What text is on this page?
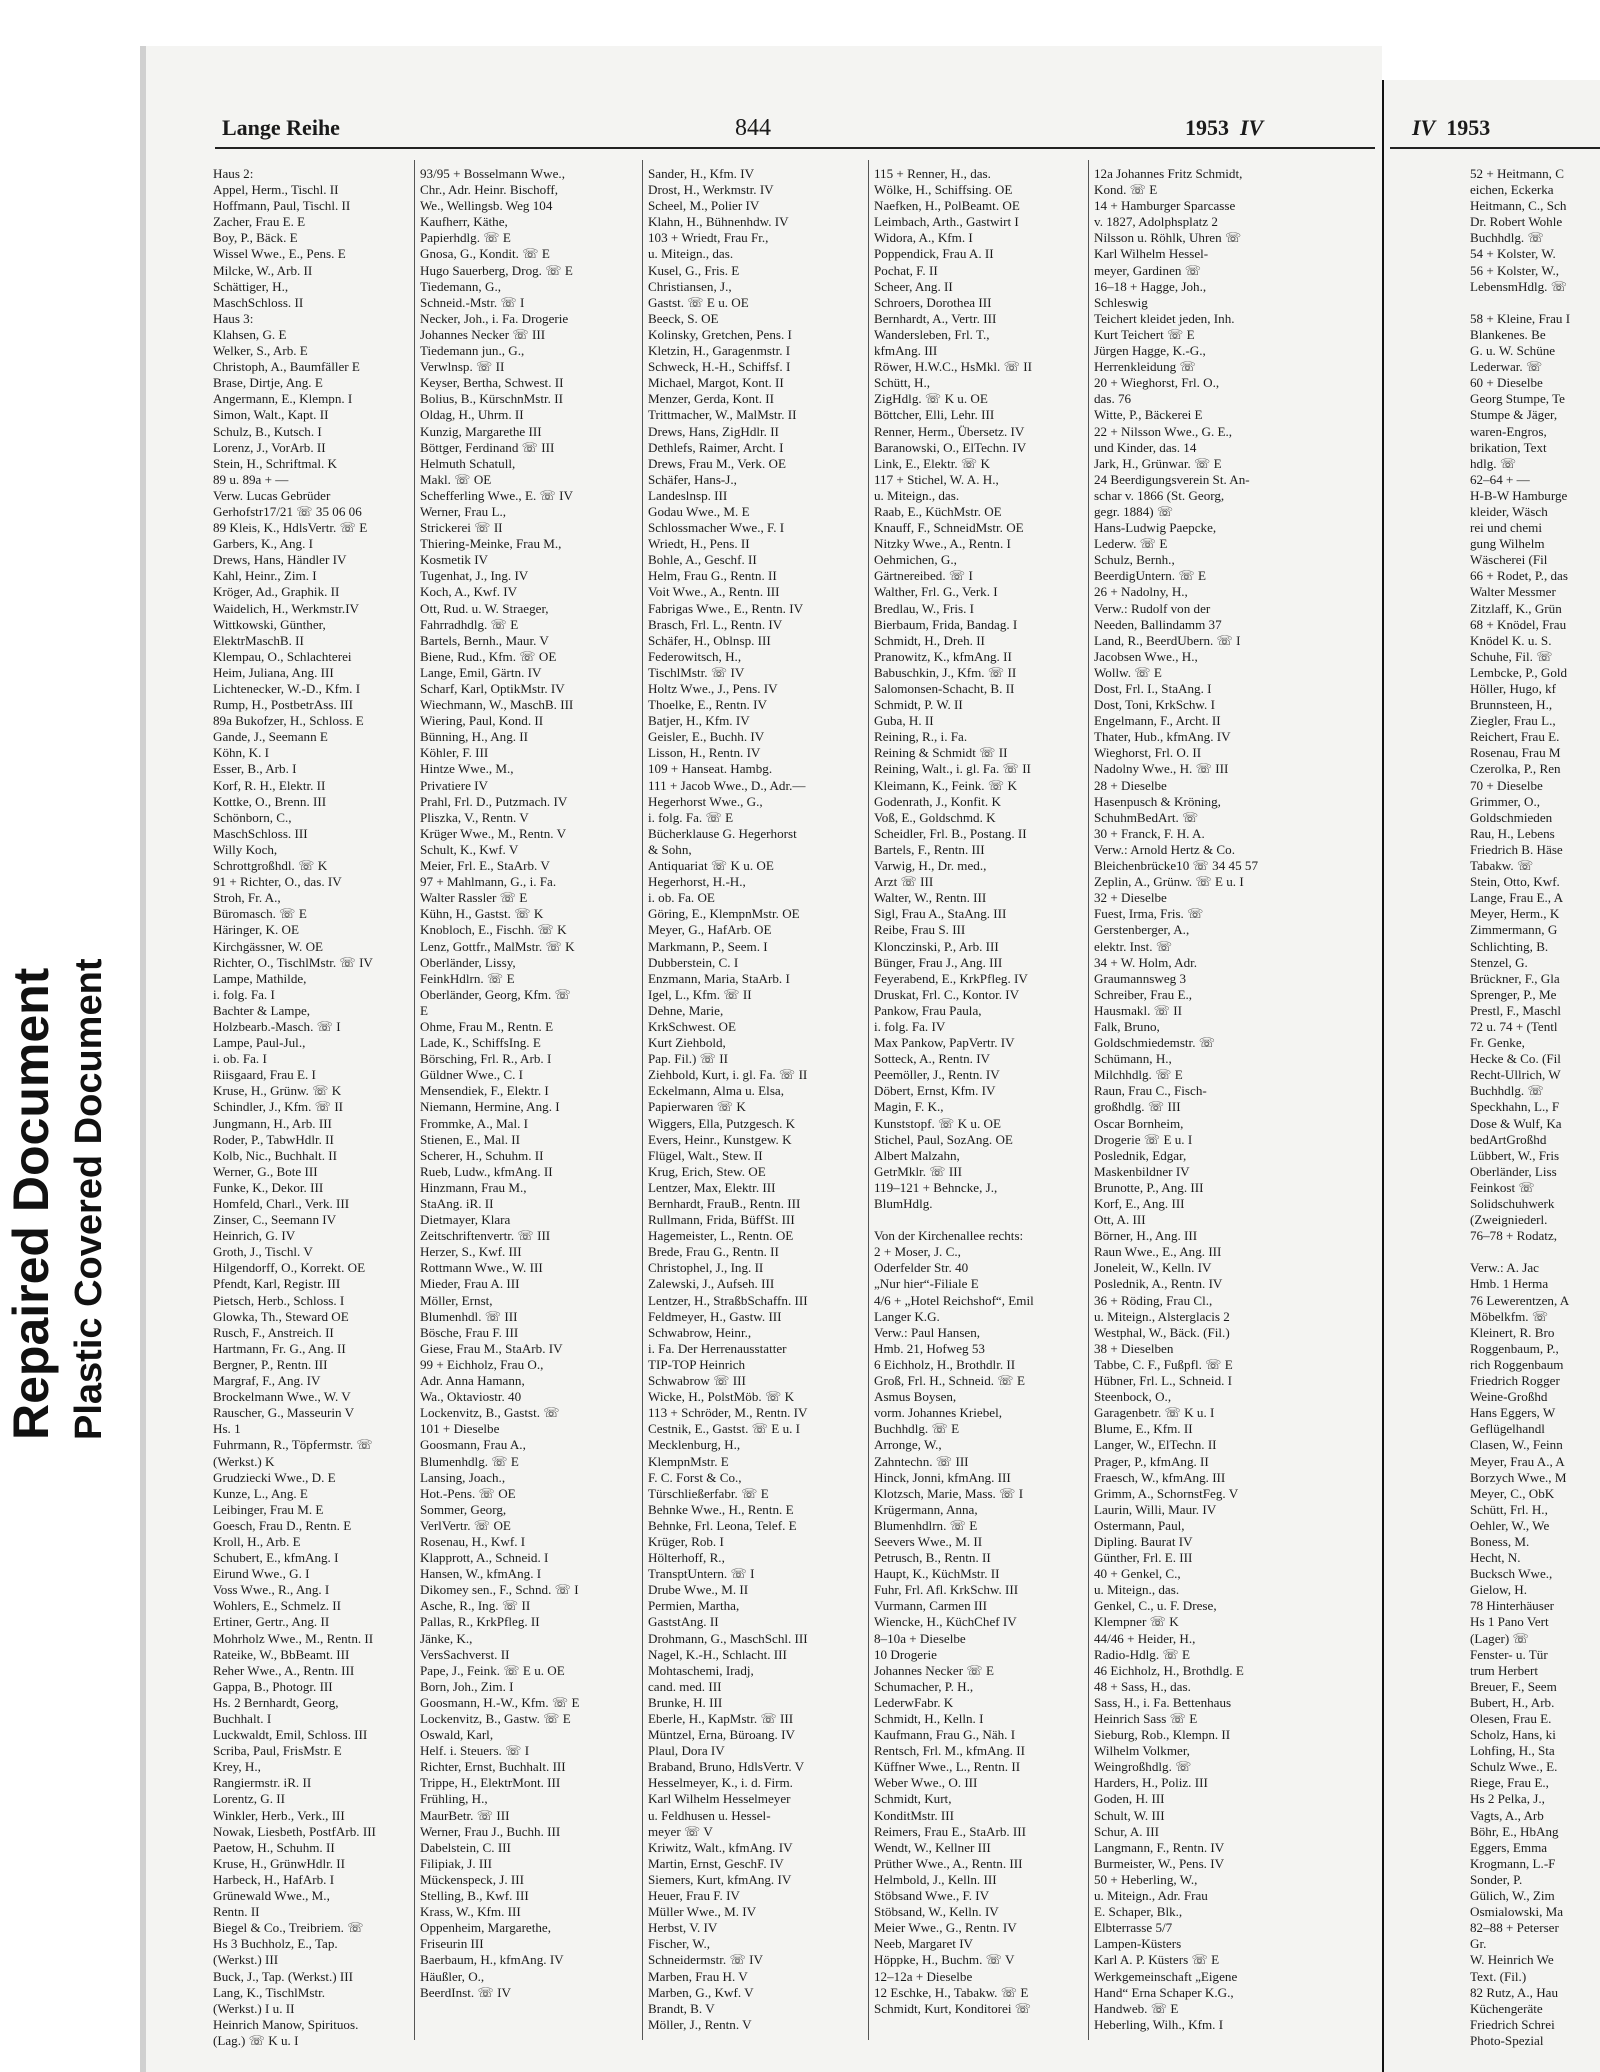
Repaired Document Plastic Covered Document
Lange Reihe	844	1953 IV	IV 1953
Haus 2:
Appel, Herm., Tischl. II
Hoffmann, Paul, Tischl. II
Zacher, Frau E. E
Boy, P., Bäck. E
Wissel Wwe., E., Pens. E
Milcke, W., Arb. II
Schättiger, H.,
MaschSchloss. II
Haus 3:
Klahsen, G. E
Welker, S., Arb. E
Christoph, A., Baumfäller E
Brase, Dirtje, Ang. E
Angermann, E., Klempn. I
Simon, Walt., Kapt. II
Schulz, B., Kutsch. I
Lorenz, J., VorArb. II
Stein, H., Schriftmal. K
89 u. 89a + —
Verw. Lucas Gebrüder
Gerhofstr17/21 ☏ 35 06 06
89 Kleis, K., HdlsVertr. ☏ E
Garbers, K., Ang. I
Drews, Hans, Händler IV
Kahl, Heinr., Zim. I
Kröger, Ad., Graphik. II
Waidelich, H., Werkmstr.IV
Wittkowski, Günther,
ElektrMaschB. II
Klempau, O., Schlachterei
Heim, Juliana, Ang. III
Lichtenecker, W.-D., Kfm. I
Rump, H., PostbetrAss. III
89a Bukofzer, H., Schloss. E
Gande, J., Seemann E
Köhn, K. I
Esser, B., Arb. I
Korf, R. H., Elektr. II
Kottke, O., Brenn. III
Schönborn, C.,
MaschSchloss. III
Willy Koch,
Schrottgroßhdl. ☏ K
91 + Richter, O., das. IV
Stroh, Fr. A.,
Büromasch. ☏ E
Häringer, K. OE
Kirchgässner, W. OE
Richter, O., TischlMstr. ☏ IV
Lampe, Mathilde,
i. folg. Fa. I
Bachter & Lampe,
Holzbearb.-Masch. ☏ I
Lampe, Paul-Jul.,
i. ob. Fa. I
Riisgaard, Frau E. I
Kruse, H., Grünw. ☏ K
Schindler, J., Kfm. ☏ II
Jungmann, H., Arb. III
Roder, P., TabwHdlr. II
Kolb, Nic., Buchhalt. II
Werner, G., Bote III
Funke, K., Dekor. III
Homfeld, Charl., Verk. III
Zinser, C., Seemann IV
Heinrich, G. IV
Groth, J., Tischl. V
Hilgendorff, O., Korrekt. OE
Pfendt, Karl, Registr. III
Pietsch, Herb., Schloss. I
Glowka, Th., Steward OE
Rusch, F., Anstreich. II
Hartmann, Fr. G., Ang. II
Bergner, P., Rentn. III
Margraf, F., Ang. IV
Brockelmann Wwe., W. V
Rauscher, G., Masseurin V
Hs. 1
Fuhrmann, R., Töpfermstr. ☏
(Werkst.) K
Grudziecki Wwe., D. E
Kunze, L., Ang. E
Leibinger, Frau M. E
Goesch, Frau D., Rentn. E
Kroll, H., Arb. E
Schubert, E., kfmAng. I
Eirund Wwe., G. I
Voss Wwe., R., Ang. I
Wohlers, E., Schmelz. II
Ertiner, Gertr., Ang. II
Mohrholz Wwe., M., Rentn. II
Rateike, W., BbBeamt. III
Reher Wwe., A., Rentn. III
Gappa, B., Photogr. III
Hs. 2 Bernhardt, Georg,
Buchhalt. I
Luckwaldt, Emil, Schloss. III
Scriba, Paul, FrisMstr. E
Krey, H.,
Rangiermstr. iR. II
Lorentz, G. II
Winkler, Herb., Verk., III
Nowak, Liesbeth, PostfArb. III
Paetow, H., Schuhm. II
Kruse, H., GrünwHdlr. II
Harbeck, H., HafArb. I
Grünewald Wwe., M.,
Rentn. II
Biegel & Co., Treibriem. ☏
Hs 3 Buchholz, E., Tap.
(Werkst.) III
Buck, J., Tap. (Werkst.) III
Lang, K., TischlMstr.
(Werkst.) I u. II
Heinrich Manow, Spirituos.
(Lag.) ☏ K u. I
93/95 + Bosselmann Wwe.,
Chr., Adr. Heinr. Bischoff,
We., Wellingsb. Weg 104
Kaufherr, Käthe,
Papierhdlg. ☏ E
Gnosa, G., Kondit. ☏ E
Hugo Sauerberg, Drog. ☏ E
Tiedemann, G.,
Schneid.-Mstr. ☏ I
Necker, Joh., i. Fa. Drogerie
Johannes Necker ☏ III
Tiedemann jun., G.,
Verwlnsp. ☏ II
Keyser, Bertha, Schwest. II
Bolius, B., KürschnMstr. II
Oldag, H., Uhrm. II
Kunzig, Margarethe III
Böttger, Ferdinand ☏ III
Helmuth Schatull,
Makl. ☏ OE
Schefferling Wwe., E. ☏ IV
Werner, Frau L.,
Strickerei ☏ II
Thiering-Meinke, Frau M.,
Kosmetik IV
Tugenhat, J., Ing. IV
Koch, A., Kwf. IV
Ott, Rud. u. W. Straeger,
Fahrradhdlg. ☏ E
Bartels, Bernh., Maur. V
Biene, Rud., Kfm. ☏ OE
Lange, Emil, Gärtn. IV
Scharf, Karl, OptikMstr. IV
Wiechmann, W., MaschB. III
Wiering, Paul, Kond. II
Bünning, H., Ang. II
Köhler, F. III
Hintze Wwe., M.,
Privatiere IV
Prahl, Frl. D., Putzmach. IV
Pliszka, V., Rentn. V
Krüger Wwe., M., Rentn. V
Schult, K., Kwf. V
Meier, Frl. E., StaArb. V
97 + Mahlmann, G., i. Fa.
Walter Rassler ☏ E
Kühn, H., Gastst. ☏ K
Knobloch, E., Fischh. ☏ K
Lenz, Gottfr., MalMstr. ☏ K
Oberländer, Lissy,
FeinkHdlrn. ☏ E
Oberländer, Georg, Kfm. ☏
E
Ohme, Frau M., Rentn. E
Lade, K., SchiffsIng. E
Börsching, Frl. R., Arb. I
Güldner Wwe., C. I
Mensendiek, F., Elektr. I
Niemann, Hermine, Ang. I
Frommke, A., Mal. I
Stienen, E., Mal. II
Scherer, H., Schuhm. II
Rueb, Ludw., kfmAng. II
Hinzmann, Frau M.,
StaAng. iR. II
Dietmayer, Klara
Zeitschriftenvertr. ☏ III
Herzer, S., Kwf. III
Rottmann Wwe., W. III
Mieder, Frau A. III
Möller, Ernst,
Blumenhdl. ☏ III
Bösche, Frau F. III
Giese, Frau M., StaArb. IV
99 + Eichholz, Frau O.,
Adr. Anna Hamann,
Wa., Oktaviostr. 40
Lockenvitz, B., Gastst. ☏
101 + Dieselbe
Goosmann, Frau A.,
Blumenhdlg. ☏ E
Lansing, Joach.,
Hot.-Pens. ☏ OE
Sommer, Georg,
VerlVertr. ☏ OE
Rosenau, H., Kwf. I
Klapprott, A., Schneid. I
Hansen, W., kfmAng. I
Dikomey sen., F., Schnd. ☏ I
Asche, R., Ing. ☏ II
Pallas, R., KrkPfleg. II
Jänke, K.,
VersSachverst. II
Pape, J., Feink. ☏ E u. OE
Born, Joh., Zim. I
Goosmann, H.-W., Kfm. ☏ E
Lockenvitz, B., Gastw. ☏ E
Oswald, Karl,
Helf. i. Steuers. ☏ I
Richter, Ernst, Buchhalt. III
Trippe, H., ElektrMont. III
Frühling, H.,
MaurBetr. ☏ III
Werner, Frau J., Buchh. III
Dabelstein, C. III
Filipiak, J. III
Mückenspeck, J. III
Stelling, B., Kwf. III
Krass, W., Kfm. III
Oppenheim, Margarethe,
Friseurin III
Baerbaum, H., kfmAng. IV
Häußler, O.,
BeerdInst. ☏ IV
Sander, H., Kfm. IV
Drost, H., Werkmstr. IV
Scheel, M., Polier IV
Klahn, H., Bühnenhdw. IV
103 + Wriedt, Frau Fr.,
u. Miteign., das.
Kusel, G., Fris. E
Christiansen, J.,
Gastst. ☏ E u. OE
Beeck, S. OE
Kolinsky, Gretchen, Pens. I
Kletzin, H., Garagenmstr. I
Schweck, H.-H., Schiffsf. I
Michael, Margot, Kont. II
Menzer, Gerda, Kont. II
Trittmacher, W., MalMstr. II
Drews, Hans, ZigHdlr. II
Dethlefs, Raimer, Archt. I
Drews, Frau M., Verk. OE
Schäfer, Hans-J.,
Landeslnsp. III
Godau Wwe., M. E
Schlossmacher Wwe., F. I
Wriedt, H., Pens. II
Bohle, A., Geschf. II
Helm, Frau G., Rentn. II
Voit Wwe., A., Rentn. III
Fabrigas Wwe., E., Rentn. IV
Brasch, Frl. L., Rentn. IV
Schäfer, H., Oblnsp. III
Federowitsch, H.,
TischlMstr. ☏ IV
Holtz Wwe., J., Pens. IV
Thoelke, E., Rentn. IV
Batjer, H., Kfm. IV
Geisler, E., Buchh. IV
Lisson, H., Rentn. IV
109 + Hanseat. Hambg.
111 + Jacob Wwe., D., Adr.—
Hegerhorst Wwe., G.,
i. folg. Fa. ☏ E
Bücherklause G. Hegerhorst
& Sohn,
Antiquariat ☏ K u. OE
Hegerhorst, H.-H.,
i. ob. Fa. OE
Göring, E., KlempnMstr. OE
Meyer, G., HafArb. OE
Markmann, P., Seem. I
Dubberstein, C. I
Enzmann, Maria, StaArb. I
Igel, L., Kfm. ☏ II
Dehne, Marie,
KrkSchwest. OE
Kurt Ziehbold,
Pap. Fil.) ☏ II
Ziehbold, Kurt, i. gl. Fa. ☏ II
Eckelmann, Alma u. Elsa,
Papierwaren ☏ K
Wiggers, Ella, Putzgesch. K
Evers, Heinr., Kunstgew. K
Flügel, Walt., Stew. II
Krug, Erich, Stew. OE
Lentzer, Max, Elektr. III
Bernhardt, FrauB., Rentn. III
Rullmann, Frida, BüffSt. III
Hagemeister, L., Rentn. OE
Brede, Frau G., Rentn. II
Christophel, J., Ing. II
Zalewski, J., Aufseh. III
Lentzer, H., StraßbSchaffn. III
Feldmeyer, H., Gastw. III
Schwabrow, Heinr.,
i. Fa. Der Herrenausstatter
TIP-TOP Heinrich
Schwabrow ☏ III
Wicke, H., PolstMöb. ☏ K
113 + Schröder, M., Rentn. IV
Cestnik, E., Gastst. ☏ E u. I
Mecklenburg, H.,
KlempnMstr. E
F. C. Forst & Co.,
Türschließerfabr. ☏ E
Behnke Wwe., H., Rentn. E
Behnke, Frl. Leona, Telef. E
Krüger, Rob. I
Hölterhoff, R.,
TransptUntern. ☏ I
Drube Wwe., M. II
Permien, Martha,
GaststAng. II
Drohmann, G., MaschSchl. III
Nagel, K.-H., Schlacht. III
Mohtaschemi, Iradj,
cand. med. III
Brunke, H. III
Eberle, H., KapMstr. ☏ III
Müntzel, Erna, Büroang. IV
Plaul, Dora IV
Braband, Bruno, HdlsVertr. V
Hesselmeyer, K., i. d. Firm.
Karl Wilhelm Hesselmeyer
u. Feldhusen u. Hessel-
meyer ☏ V
Kriwitz, Walt., kfmAng. IV
Martin, Ernst, GeschF. IV
Siemers, Kurt, kfmAng. IV
Heuer, Frau F. IV
Müller Wwe., M. IV
Herbst, V. IV
Fischer, W.,
Schneidermstr. ☏ IV
Marben, Frau H. V
Marben, G., Kwf. V
Brandt, B. V
Möller, J., Rentn. V
115 + Renner, H., das.
Wölke, H., Schiffsing. OE
Naefken, H., PolBeamt. OE
Leimbach, Arth., Gastwirt I
Widora, A., Kfm. I
Poppendick, Frau A. II
Pochat, F. II
Scheer, Ang. II
Schroers, Dorothea III
Bernhardt, A., Vertr. III
Wandersleben, Frl. T.,
kfmAng. III
Röwer, H.W.C., HsMkl. ☏ II
Schütt, H.,
ZigHdlg. ☏ K u. OE
Böttcher, Elli, Lehr. III
Renner, Herm., Übersetz. IV
Baranowski, O., ElTechn. IV
Link, E., Elektr. ☏ K
117 + Stichel, W. A. H.,
u. Miteign., das.
Raab, E., KüchMstr. OE
Knauff, F., SchneidMstr. OE
Nitzky Wwe., A., Rentn. I
Oehmichen, G.,
Gärtnereibed. ☏ I
Walther, Frl. G., Verk. I
Bredlau, W., Fris. I
Bierbaum, Frida, Bandag. I
Schmidt, H., Dreh. II
Pranowitz, K., kfmAng. II
Babuschkin, J., Kfm. ☏ II
Salomonsen-Schacht, B. II
Schmidt, P. W. II
Guba, H. II
Reining, R., i. Fa.
Reining & Schmidt ☏ II
Reining, Walt., i. gl. Fa. ☏ II
Kleimann, K., Feink. ☏ K
Godenrath, J., Konfit. K
Voß, E., Goldschmd. K
Scheidler, Frl. B., Postang. II
Bartels, F., Rentn. III
Varwig, H., Dr. med.,
Arzt ☏ III
Walter, W., Rentn. III
Sigl, Frau A., StaAng. III
Reibe, Frau S. III
Klonczinski, P., Arb. III
Bünger, Frau J., Ang. III
Feyerabend, E., KrkPfleg. IV
Druskat, Frl. C., Kontor. IV
Pankow, Frau Paula,
i. folg. Fa. IV
Max Pankow, PapVertr. IV
Sotteck, A., Rentn. IV
Peemöller, J., Rentn. IV
Döbert, Ernst, Kfm. IV
Magin, F. K.,
Kunststopf. ☏ K u. OE
Stichel, Paul, SozAng. OE
Albert Malzahn,
GetrMklr. ☏ III
119–121 + Behncke, J.,
BlumHdlg.
Von der Kirchenallee rechts:
2 + Moser, J. C.,
Oderfelder Str. 40
„Nur hier“-Filiale E
4/6 + „Hotel Reichshof“, Emil
Langer K.G.
Verw.: Paul Hansen,
Hmb. 21, Hofweg 53
6 Eichholz, H., Brothdlr. II
Groß, Frl. H., Schneid. ☏ E
Asmus Boysen,
vorm. Johannes Kriebel,
Buchhdlg. ☏ E
Arronge, W.,
Zahntechn. ☏ III
Hinck, Jonni, kfmAng. III
Klotzsch, Marie, Mass. ☏ I
Krügermann, Anna,
Blumenhdlrn. ☏ E
Seevers Wwe., M. II
Petrusch, B., Rentn. II
Haupt, K., KüchMstr. II
Fuhr, Frl. Afl. KrkSchw. III
Vurmann, Carmen III
Wiencke, H., KüchChef IV
8–10a + Dieselbe
10 Drogerie
Johannes Necker ☏ E
Schumacher, P. H.,
LederwFabr. K
Schmidt, H., Kelln. I
Kaufmann, Frau G., Näh. I
Rentsch, Frl. M., kfmAng. II
Küffner Wwe., L., Rentn. II
Weber Wwe., O. III
Schmidt, Kurt,
KonditMstr. III
Reimers, Frau E., StaArb. III
Wendt, W., Kellner III
Prüther Wwe., A., Rentn. III
Helmbold, J., Kelln. III
Stöbsand Wwe., F. IV
Stöbsand, W., Kelln. IV
Meier Wwe., G., Rentn. IV
Neeb, Margaret IV
Höppke, H., Buchm. ☏ V
12–12a + Dieselbe
12 Eschke, H., Tabakw. ☏ E
Schmidt, Kurt, Konditorei ☏
12a Johannes Fritz Schmidt,
Kond. ☏ E
14 + Hamburger Sparcasse
v. 1827, Adolphsplatz 2
Nilsson u. Röhlk, Uhren ☏
Karl Wilhelm Hessel-
meyer, Gardinen ☏
16–18 + Hagge, Joh.,
Schleswig
Teichert kleidet jeden, Inh.
Kurt Teichert ☏ E
Jürgen Hagge, K.-G.,
Herrenkleidung ☏
20 + Wieghorst, Frl. O.,
das. 76
Witte, P., Bäckerei E
22 + Nilsson Wwe., G. E.,
und Kinder, das. 14
Jark, H., Grünwar. ☏ E
24 Beerdigungsverein St. An-
schar v. 1866 (St. Georg,
gegr. 1884) ☏
Hans-Ludwig Paepcke,
Lederw. ☏ E
Schulz, Bernh.,
BeerdigUntern. ☏ E
26 + Nadolny, H.,
Verw.: Rudolf von der
Needen, Ballindamm 37
Land, R., BeerdUbern. ☏ I
Jacobsen Wwe., H.,
Wollw. ☏ E
Dost, Frl. I., StaAng. I
Dost, Toni, KrkSchw. I
Engelmann, F., Archt. II
Thater, Hub., kfmAng. IV
Wieghorst, Frl. O. II
Nadolny Wwe., H. ☏ III
28 + Dieselbe
Hasenpusch & Kröning,
SchuhmBedArt. ☏
30 + Franck, F. H. A.
Verw.: Arnold Hertz & Co.
Bleichenbrücke10 ☏ 34 45 57
Zeplin, A., Grünw. ☏ E u. I
32 + Dieselbe
Fuest, Irma, Fris. ☏
Gerstenberger, A.,
elektr. Inst. ☏
34 + W. Holm, Adr.
Graumannsweg 3
Schreiber, Frau E.,
Hausmakl. ☏ II
Falk, Bruno,
Goldschmiedemstr. ☏
Schümann, H.,
Milchhdlg. ☏ E
Raun, Frau C., Fisch-
großhdlg. ☏ III
Oscar Bornheim,
Drogerie ☏ E u. I
Poslednik, Edgar,
Maskenbildner IV
Brunotte, P., Ang. III
Korf, E., Ang. III
Ott, A. III
Börner, H., Ang. III
Raun Wwe., E., Ang. III
Joneleit, W., Kelln. IV
Poslednik, A., Rentn. IV
36 + Röding, Frau Cl.,
u. Miteign., Alsterglacis 2
Westphal, W., Bäck. (Fil.)
38 + Dieselben
Tabbe, C. F., Fußpfl. ☏ E
Hübner, Frl. L., Schneid. I
Steenbock, O.,
Garagenbetr. ☏ K u. I
Blume, E., Kfm. II
Langer, W., ElTechn. II
Prager, P., kfmAng. II
Fraesch, W., kfmAng. III
Grimm, A., SchornstFeg. V
Laurin, Willi, Maur. IV
Ostermann, Paul,
Dipling. Baurat IV
Günther, Frl. E. III
40 + Genkel, C.,
u. Miteign., das.
Genkel, C., u. F. Drese,
Klempner ☏ K
44/46 + Heider, H.,
Radio-Hdlg. ☏ E
46 Eichholz, H., Brothdlg. E
48 + Sass, H., das.
Sass, H., i. Fa. Bettenhaus
Heinrich Sass ☏ E
Sieburg, Rob., Klempn. II
Wilhelm Volkmer,
Weingroßhdlg. ☏
Harders, H., Poliz. III
Goden, H. III
Schult, W. III
Schur, A. III
Langmann, F., Rentn. IV
Burmeister, W., Pens. IV
50 + Heberling, W.,
u. Miteign., Adr. Frau
E. Schaper, Blk.,
Elbterrasse 5/7
Lampen-Küsters
Karl A. P. Küsters ☏ E
Werkgemeinschaft „Eigene
Hand“ Erna Schaper K.G.,
Handweb. ☏ E
Heberling, Wilh., Kfm. I
52 + Heitmann, C
eichen, Eckerka
Heitmann, C., Sch
Dr. Robert Wohle
Buchhdlg. ☏
54 + Kolster, W.
56 + Kolster, W.,
LebensmHdlg. ☏
58 + Kleine, Frau I
Blankenes. Be
G. u. W. Schüne
Lederwar. ☏
60 + Dieselbe
Georg Stumpe, Te
Stumpe & Jäger,
waren-Engros,
brikation, Text
hdlg. ☏
62–64 + —
H-B-W Hamburge
kleider, Wäsch
rei und chemi
gung Wilhelm
Wäscherei (Fil
66 + Rodet, P., das
Walter Messmer
Zitzlaff, K., Grün
68 + Knödel, Frau
Knödel K. u. S.
Schuhe, Fil. ☏
Lembcke, P., Gold
Höller, Hugo, kf
Brunnsteen, H.,
Ziegler, Frau L.,
Reichert, Frau E.
Rosenau, Frau M
Czerolka, P., Ren
70 + Dieselbe
Grimmer, O.,
Goldschmieden
Rau, H., Lebens
Friedrich B. Häse
Tabakw. ☏
Stein, Otto, Kwf.
Lange, Frau E., A
Meyer, Herm., K
Zimmermann, G
Schlichting, B.
Stenzel, G.
Brückner, F., Gla
Sprenger, P., Me
Prestl, F., Maschl
72 u. 74 + (Tentl
Fr. Genke,
Hecke & Co. (Fil
Recht-Ullrich, W
Buchhdlg. ☏
Speckhahn, L., F
Dose & Wulf, Ka
bedArtGroßhd
Lübbert, W., Fris
Oberländer, Liss
Feinkost ☏
Solidschuhwerk
(Zweigniederl.
76–78 + Rodatz,
Verw.: A. Jac
Hmb. 1 Herma
76 Lewerentzen, A
Möbelkfm. ☏
Kleinert, R. Bro
Roggenbaum, P.,
rich Roggenbaum
Friedrich Rogger
Weine-Großhd
Hans Eggers, W
Geflügelhandl
Clasen, W., Feinn
Meyer, Frau A., A
Borzych Wwe., M
Meyer, C., ObK
Schütt, Frl. H.,
Oehler, W., We
Boness, M.
Hecht, N.
Bucksch Wwe.,
Gielow, H.
78 Hinterhäuser
Hs 1 Pano Vert
(Lager) ☏
Fenster- u. Tür
trum Herbert
Breuer, F., Seem
Bubert, H., Arb.
Olesen, Frau E.
Scholz, Hans, ki
Lohfing, H., Sta
Schulz Wwe., E.
Riege, Frau E.,
Hs 2 Pelka, J.,
Vagts, A., Arb
Böhr, E., HbAng
Eggers, Emma
Krogmann, L.-F
Sonder, P.
Gülich, W., Zim
Osmialowski, Ma
82–88 + Peterser
Gr.
W. Heinrich We
Text. (Fil.)
82 Rutz, A., Hau
Küchengeräte
Friedrich Schrei
Photo-Spezial
